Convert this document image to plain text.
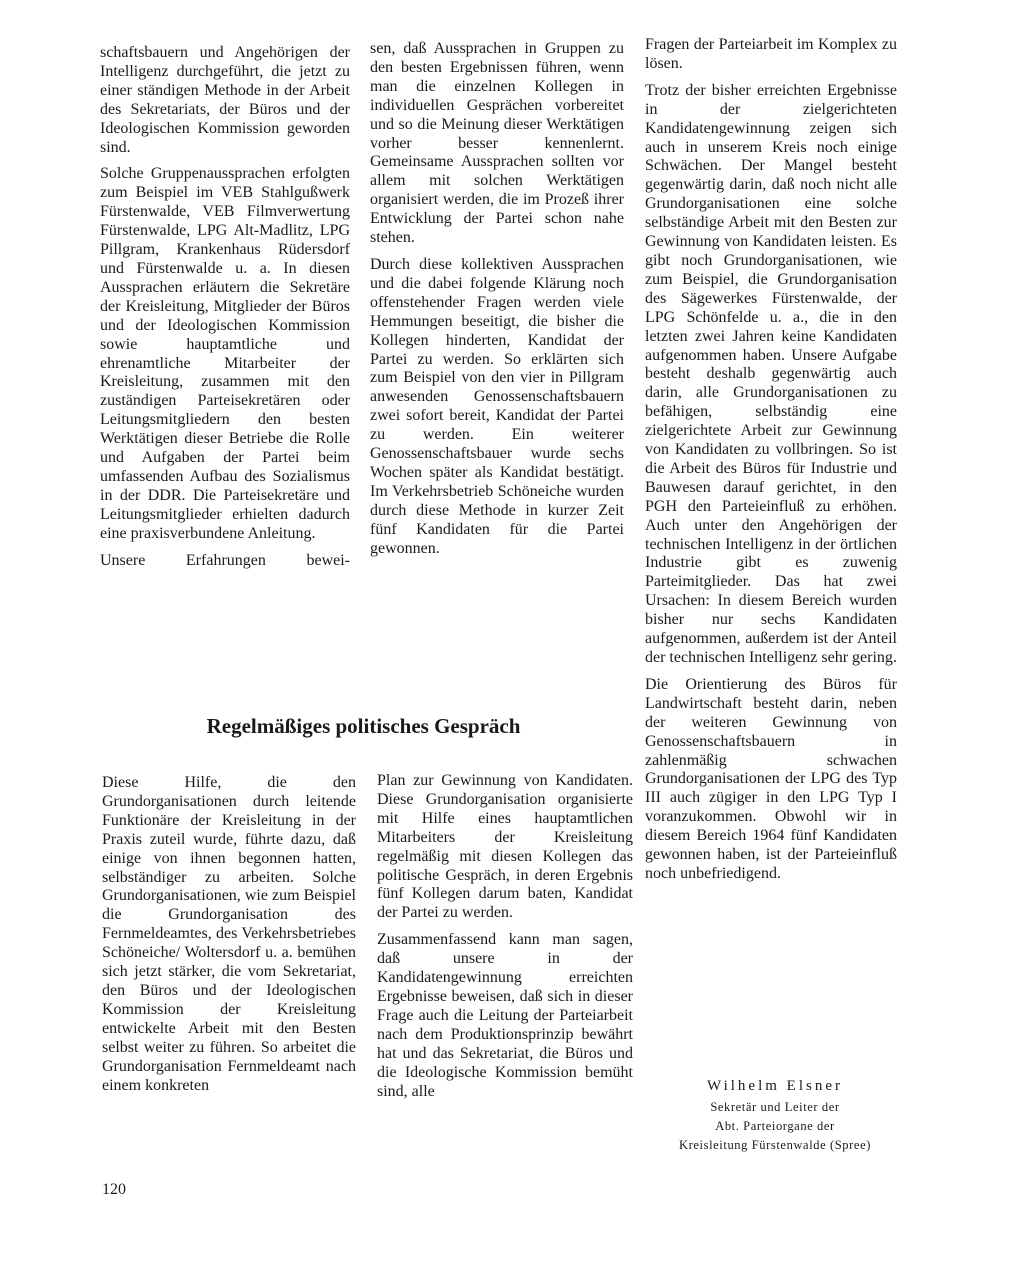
schaftsbauern und Angehörigen der Intelligenz durchgeführt, die jetzt zu einer ständigen Methode in der Arbeit des Sekretariats, der Büros und der Ideologischen Kommission geworden sind.

Solche Gruppenaussprachen erfolgten zum Beispiel im VEB Stahlgußwerk Fürstenwalde, VEB Filmverwertung Fürstenwalde, LPG Alt-Madlitz, LPG Pillgram, Krankenhaus Rüdersdorf und Fürstenwalde u. a. In diesen Aussprachen erläutern die Sekretäre der Kreisleitung, Mitglieder der Büros und der Ideologischen Kommission sowie hauptamtliche und ehrenamtliche Mitarbeiter der Kreisleitung, zusammen mit den zuständigen Parteisekretären oder Leitungsmitgliedern den besten Werktätigen dieser Betriebe die Rolle und Aufgaben der Partei beim umfassenden Aufbau des Sozialismus in der DDR. Die Parteisekretäre und Leitungsmitglieder erhielten dadurch eine praxisverbundene Anleitung.

Unsere Erfahrungen bewei-

sen, daß Aussprachen in Gruppen zu den besten Ergebnissen führen, wenn man die einzelnen Kollegen in individuellen Gesprächen vorbereitet und so die Meinung dieser Werktätigen vorher besser kennenlernt. Gemeinsame Aussprachen sollten vor allem mit solchen Werktätigen organisiert werden, die im Prozeß ihrer Entwicklung der Partei schon nahe stehen.

Durch diese kollektiven Aussprachen und die dabei folgende Klärung noch offenstehender Fragen werden viele Hemmungen beseitigt, die bisher die Kollegen hinderten, Kandidat der Partei zu werden. So erklärten sich zum Beispiel von den vier in Pillgram anwesenden Genossenschaftsbauern zwei sofort bereit, Kandidat der Partei zu werden. Ein weiterer Genossenschaftsbauer wurde sechs Wochen später als Kandidat bestätigt. Im Verkehrsbetrieb Schöneiche wurden durch diese Methode in kurzer Zeit fünf Kandidaten für die Partei gewonnen.

Fragen der Parteiarbeit im Komplex zu lösen.

Trotz der bisher erreichten Ergebnisse in der zielgerichteten Kandidatengewinnung zeigen sich auch in unserem Kreis noch einige Schwächen. Der Mangel besteht gegenwärtig darin, daß noch nicht alle Grundorganisationen eine solche selbständige Arbeit mit den Besten zur Gewinnung von Kandidaten leisten. Es gibt noch Grundorganisationen, wie zum Beispiel, die Grundorganisation des Sägewerkes Fürstenwalde, der LPG Schönfelde u. a., die in den letzten zwei Jahren keine Kandidaten aufgenommen haben. Unsere Aufgabe besteht deshalb gegenwärtig auch darin, alle Grundorganisationen zu befähigen, selbständig eine zielgerichtete Arbeit zur Gewinnung von Kandidaten zu vollbringen. So ist die Arbeit des Büros für Industrie und Bauwesen darauf gerichtet, in den PGH den Parteieinfluß zu erhöhen. Auch unter den Angehörigen der technischen Intelligenz in der örtlichen Industrie gibt es zuwenig Parteimitglieder. Das hat zwei Ursachen: In diesem Bereich wurden bisher nur sechs Kandidaten aufgenommen, außerdem ist der Anteil der technischen Intelligenz sehr gering.

Die Orientierung des Büros für Landwirtschaft besteht darin, neben der weiteren Gewinnung von Genossenschaftsbauern in zahlenmäßig schwachen Grundorganisationen der LPG des Typ III auch zügiger in den LPG Typ I voranzukommen. Obwohl wir in diesem Bereich 1964 fünf Kandidaten gewonnen haben, ist der Parteieinfluß noch unbefriedigend.

Regelmäßiges politisches Gespräch

Diese Hilfe, die den Grundorganisationen durch leitende Funktionäre der Kreisleitung in der Praxis zuteil wurde, führte dazu, daß einige von ihnen begonnen hatten, selbständiger zu arbeiten. Solche Grundorganisationen, wie zum Beispiel die Grundorganisation des Fernmeldeamtes, des Verkehrsbetriebes Schöneiche/ Woltersdorf u. a. bemühen sich jetzt stärker, die vom Sekretariat, den Büros und der Ideologischen Kommission der Kreisleitung entwickelte Arbeit mit den Besten selbst weiter zu führen. So arbeitet die Grundorganisation Fernmeldeamt nach einem konkreten

Plan zur Gewinnung von Kandidaten. Diese Grundorganisation organisierte mit Hilfe eines hauptamtlichen Mitarbeiters der Kreisleitung regelmäßig mit diesen Kollegen das politische Gespräch, in deren Ergebnis fünf Kollegen darum baten, Kandidat der Partei zu werden.

Zusammenfassend kann man sagen, daß unsere in der Kandidatengewinnung erreichten Ergebnisse beweisen, daß sich in dieser Frage auch die Leitung der Parteiarbeit nach dem Produktionsprinzip bewährt hat und das Sekretariat, die Büros und die Ideologische Kommission bemüht sind, alle	Wilhelm Elsner
Sekretär und Leiter der
Abt. Parteiorgane der
Kreisleitung Fürstenwalde (Spree)
120
